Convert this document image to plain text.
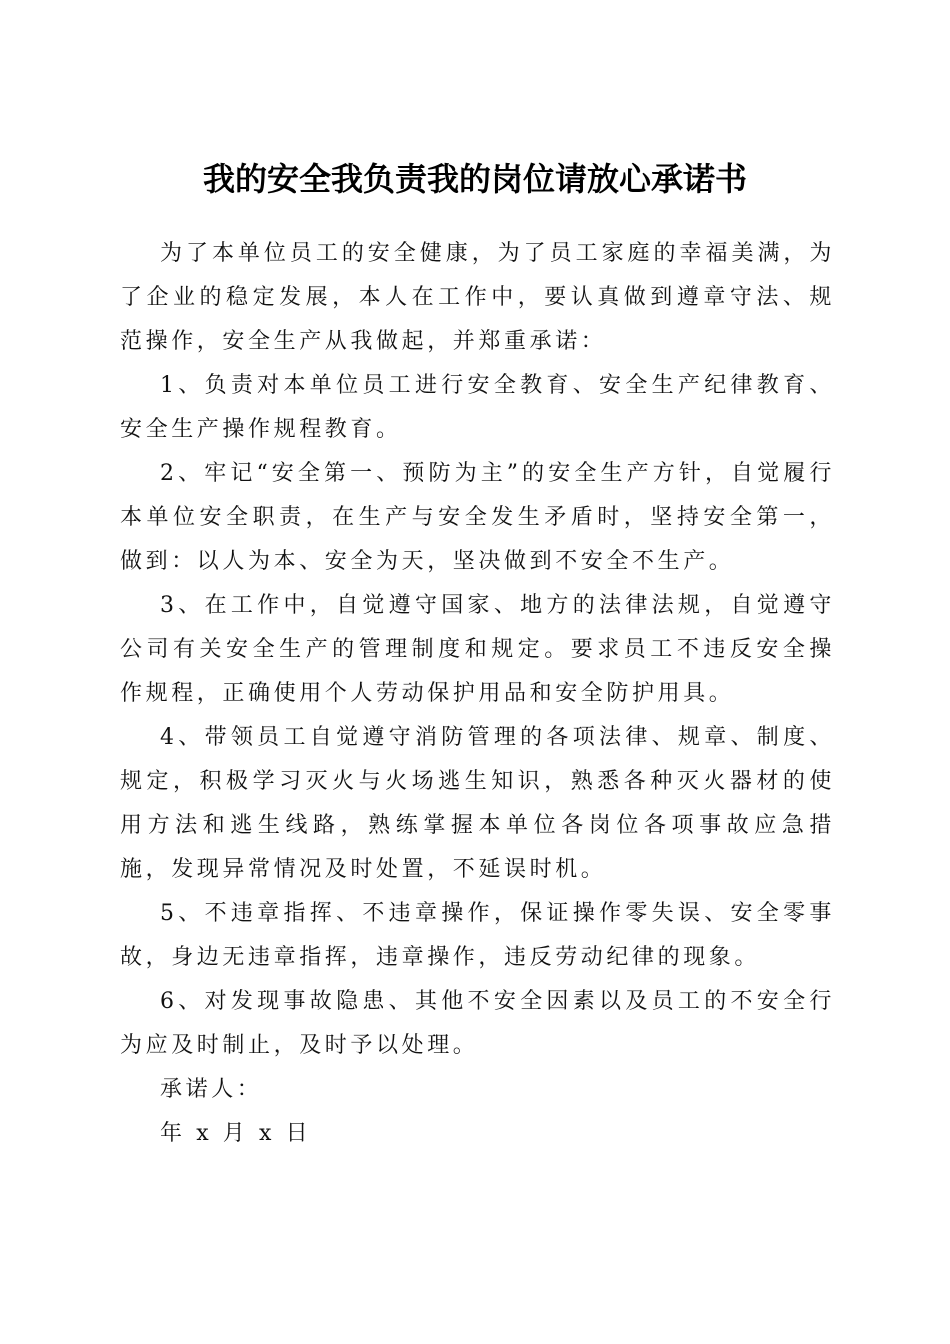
我的安全我负责我的岗位请放心承诺书

为了本单位员工的安全健康，为了员工家庭的幸福美满，为了企业的稳定发展，本人在工作中，要认真做到遵章守法、规范操作，安全生产从我做起，并郑重承诺：

1、负责对本单位员工进行安全教育、安全生产纪律教育、安全生产操作规程教育。

2、牢记“安全第一、预防为主”的安全生产方针，自觉履行本单位安全职责，在生产与安全发生矛盾时，坚持安全第一，做到：以人为本、安全为天，坚决做到不安全不生产。

3、在工作中，自觉遵守国家、地方的法律法规，自觉遵守公司有关安全生产的管理制度和规定。要求员工不违反安全操作规程，正确使用个人劳动保护用品和安全防护用具。

4、带领员工自觉遵守消防管理的各项法律、规章、制度、规定，积极学习灭火与火场逃生知识，熟悉各种灭火器材的使用方法和逃生线路，熟练掌握本单位各岗位各项事故应急措施，发现异常情况及时处置，不延误时机。

5、不违章指挥、不违章操作，保证操作零失误、安全零事故，身边无违章指挥，违章操作，违反劳动纪律的现象。

6、对发现事故隐患、其他不安全因素以及员工的不安全行为应及时制止，及时予以处理。

承诺人：

年 x 月 x 日
